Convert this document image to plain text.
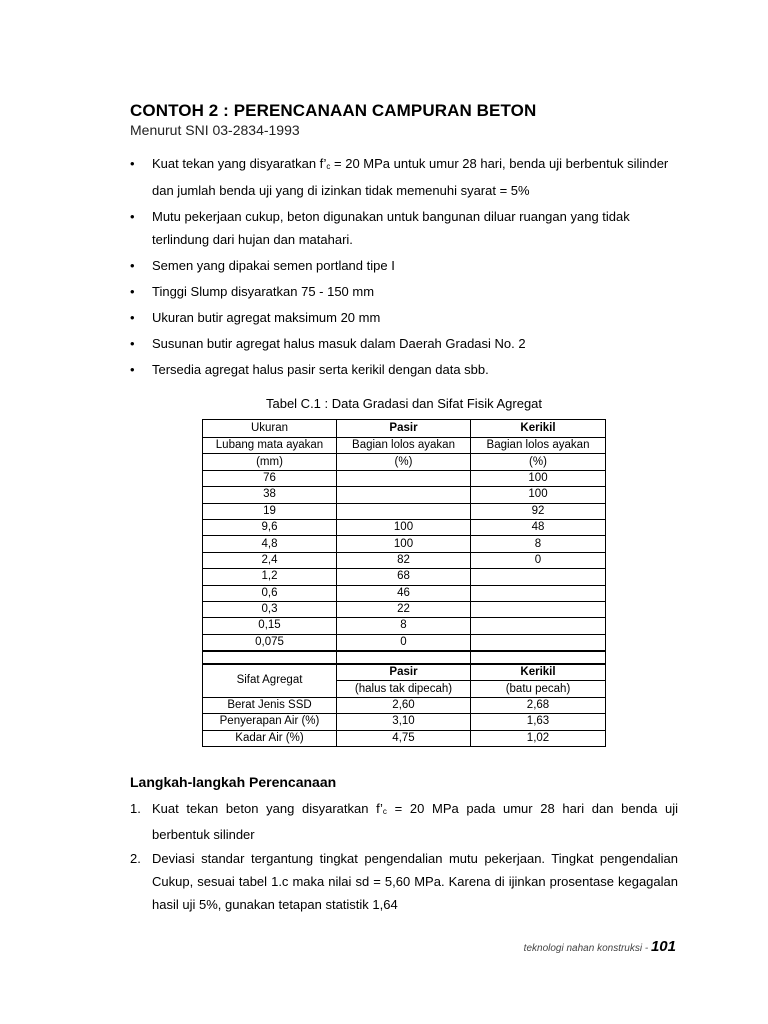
CONTOH 2 : PERENCANAAN CAMPURAN BETON
Menurut SNI 03-2834-1993
• Kuat tekan yang disyaratkan $f’_c = 20$ MPa untuk umur 28 hari, benda uji berbentuk silinder dan jumlah benda uji yang di izinkan tidak memenuhi syarat = 5%
• Mutu pekerjaan cukup, beton digunakan untuk bangunan diluar ruangan yang tidak terlindung dari hujan dan matahari.
• Semen yang dipakai semen portland tipe I
• Tinggi Slump disyaratkan 75 - 150 mm
• Ukuran butir agregat maksimum 20 mm
• Susunan butir agregat halus masuk dalam Daerah Gradasi No. 2
• Tersedia agregat halus pasir serta kerikil dengan data sbb.
Tabel C.1 : Data Gradasi dan Sifat Fisik Agregat
Ukuran	Pasir	Kerikil
Lubang mata ayakan	Bagian lolos ayakan	Bagian lolos ayakan
(mm)	(%)	(%)
76		100
38		100
19		92
9,6	100	48
4,8	100	8
2,4	82	0
1,2	68	
0,6	46	
0,3	22	
0,15	8	
0,075	0	

Sifat Agregat	Pasir	Kerikil
	(halus tak dipecah)	(batu pecah)
Berat Jenis SSD	2,60	2,68
Penyerapan Air (%)	3,10	1,63
Kadar Air (%)	4,75	1,02
Langkah-langkah Perencanaan
1. Kuat tekan beton yang disyaratkan $f’_c = 20$ MPa pada umur 28 hari dan benda uji berbentuk silinder
2. Deviasi standar tergantung tingkat pengendalian mutu pekerjaan. Tingkat pengendalian Cukup, sesuai tabel 1.c maka nilai sd = 5,60 MPa. Karena di ijinkan prosentase kegagalan hasil uji 5%, gunakan tetapan statistik 1,64
teknologi nahan konstruksi - 101
